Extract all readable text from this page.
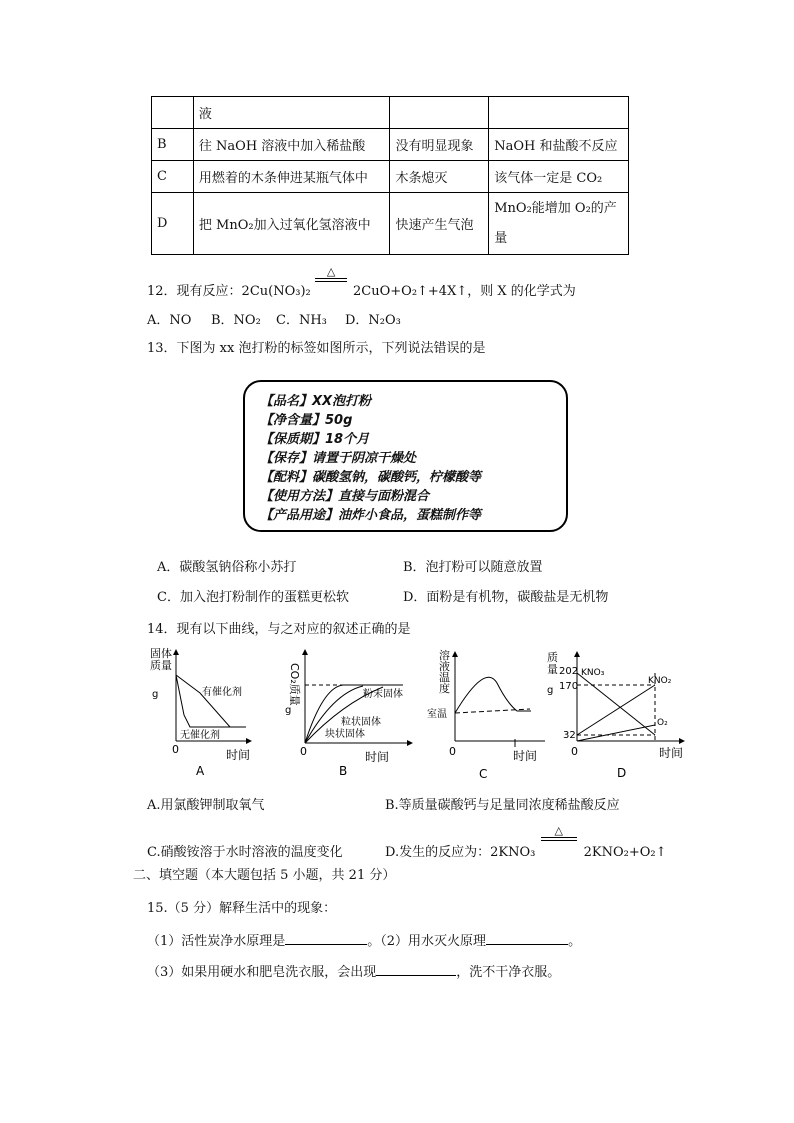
	液		
B	往 NaOH 溶液中加入稀盐酸	没有明显现象	NaOH 和盐酸不反应
C	用燃着的木条伸进某瓶气体中	木条熄灭	该气体一定是 CO₂
D	把 MnO₂加入过氧化氢溶液中	快速产生气泡	MnO₂能增加 O₂的产
量
12．现有反应：2Cu(NO₃)₂
△
2CuO+O₂↑+4X↑，则 X 的化学式为
A．NO B．NO₂ C．NH₃ D．N₂O₃
13．下图为 xx 泡打粉的标签如图所示，下列说法错误的是
【品名】XX泡打粉
【净含量】50g
【保质期】18个月
【保存】请置于阴凉干燥处
【配料】碳酸氢钠，碳酸钙，柠檬酸等
【使用方法】直接与面粉混合
【产品用途】油炸小食品，蛋糕制作等
A．碳酸氢钠俗称小苏打	B．泡打粉可以随意放置
C．加入泡打粉制作的蛋糕更松软	D．面粉是有机物，碳酸盐是无机物
14．现有以下曲线，与之对应的叙述正确的是
固体质量
g	有催化剂
无催化剂
0	时间
A
CO₂质量
g
粉末固体
粒状固体
块状固体
0	时间
B
溶液温度
室温
0	时间
C
质量
g
202
170
32
KNO₃
KNO₂
O₂
0	时间
D
A.用氯酸钾制取氧气	B.等质量碳酸钙与足量同浓度稀盐酸反应
C.硝酸铵溶于水时溶液的温度变化	D.发生的反应为：2KNO₃
△
2KNO₂+O₂↑
二、填空题（本大题包括 5 小题，共 21 分）
15.（5 分）解释生活中的现象：
（1）活性炭净水原理是	。（2）用水灭火原理	。
（3）如果用硬水和肥皂洗衣服，会出现	，洗不干净衣服。
